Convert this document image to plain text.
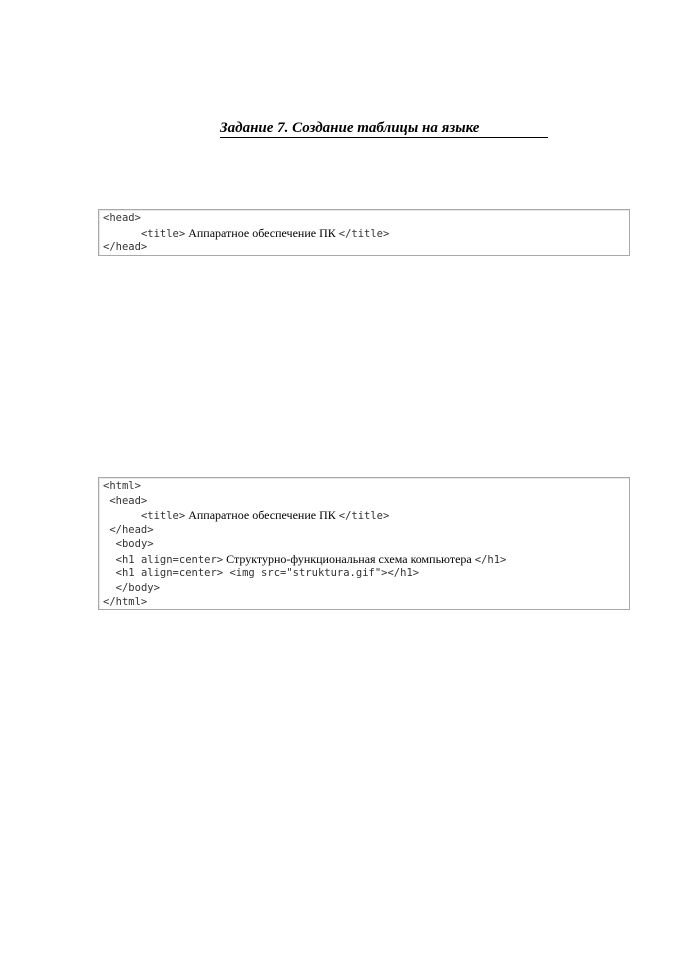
Задание 7. Создание таблицы на языке
<head>
<title> Аппаратное обеспечение ПК </title>
</head>
<html>
<head>
<title> Аппаратное обеспечение ПК </title>
</head>
<body>
<h1 align=center> Структурно-функциональная схема компьютера </h1>
<h1 align=center> <img src="struktura.gif"></h1>
</body>
</html>
